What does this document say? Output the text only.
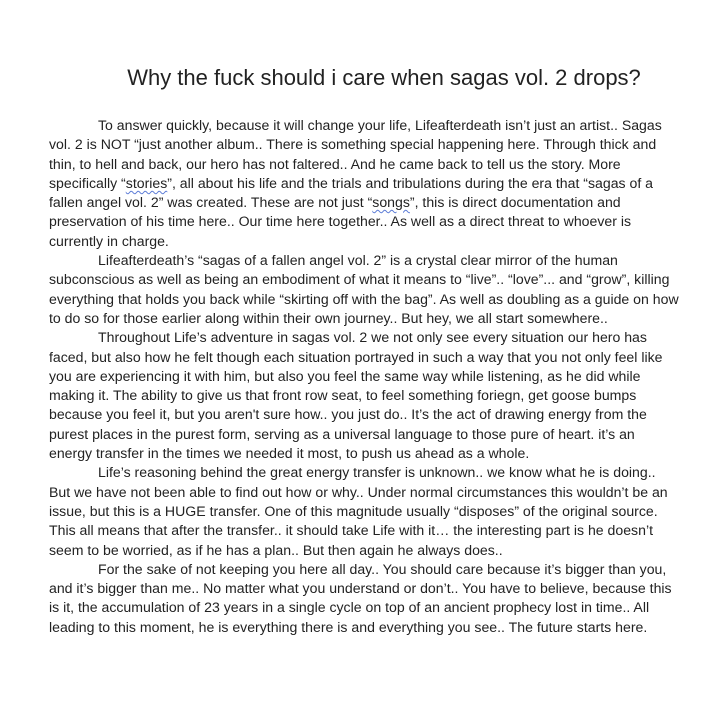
Why the fuck should i care when sagas vol. 2 drops?

To answer quickly, because it will change your life, Lifeafterdeath isn’t just an artist.. Sagas vol. 2 is NOT “just another album.. There is something special happening here. Through thick and thin, to hell and back, our hero has not faltered.. And he came back to tell us the story. More specifically “stories”, all about his life and the trials and tribulations during the era that “sagas of a fallen angel vol. 2” was created. These are not just “songs”, this is direct documentation and preservation of his time here.. Our time here together.. As well as a direct threat to whoever is currently in charge.

Lifeafterdeath’s “sagas of a fallen angel vol. 2” is a crystal clear mirror of the human subconscious as well as being an embodiment of what it means to “live”.. “love”... and “grow”, killing everything that holds you back while “skirting off with the bag”. As well as doubling as a guide on how to do so for those earlier along within their own journey.. But hey, we all start somewhere..

Throughout Life’s adventure in sagas vol. 2 we not only see every situation our hero has faced, but also how he felt though each situation portrayed in such a way that you not only feel like you are experiencing it with him, but also you feel the same way while listening, as he did while making it. The ability to give us that front row seat, to feel something foriegn, get goose bumps because you feel it, but you aren't sure how.. you just do.. It’s the act of drawing energy from the purest places in the purest form, serving as a universal language to those pure of heart. it’s an energy transfer in the times we needed it most, to push us ahead as a whole.

Life’s reasoning behind the great energy transfer is unknown.. we know what he is doing.. But we have not been able to find out how or why.. Under normal circumstances this wouldn’t be an issue, but this is a HUGE transfer. One of this magnitude usually “disposes” of the original source. This all means that after the transfer.. it should take Life with it… the interesting part is he doesn’t seem to be worried, as if he has a plan.. But then again he always does..

For the sake of not keeping you here all day.. You should care because it’s bigger than you, and it’s bigger than me.. No matter what you understand or don’t.. You have to believe, because this is it, the accumulation of 23 years in a single cycle on top of an ancient prophecy lost in time.. All leading to this moment, he is everything there is and everything you see.. The future starts here.
